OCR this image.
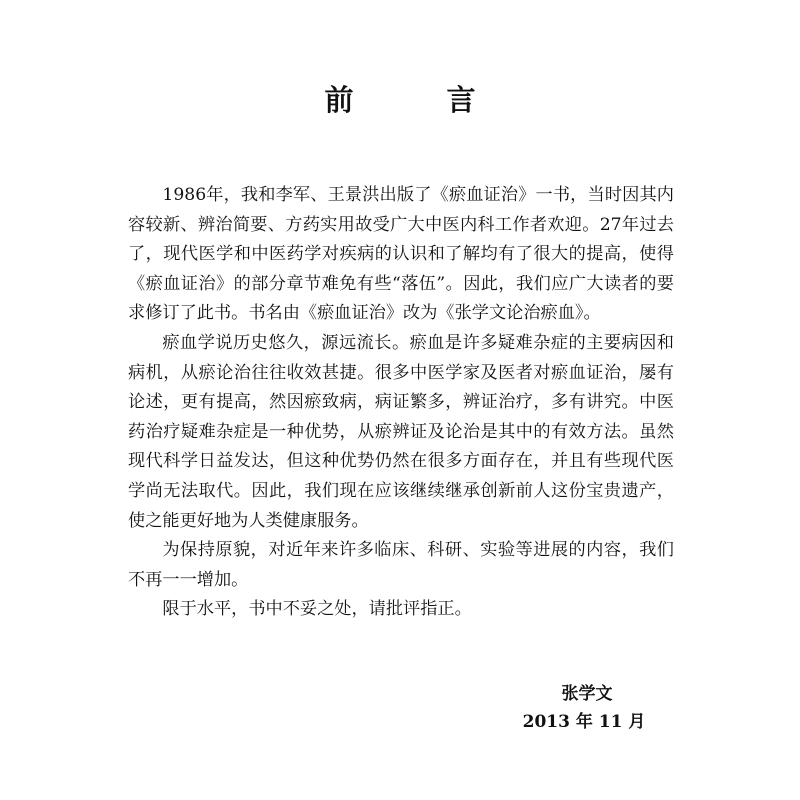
前　言

1986年，我和李军、王景洪出版了《瘀血证治》一书，当时因其内容较新、辨治简要、方药实用故受广大中医内科工作者欢迎。27年过去了，现代医学和中医药学对疾病的认识和了解均有了很大的提高，使得《瘀血证治》的部分章节难免有些“落伍”。因此，我们应广大读者的要求修订了此书。书名由《瘀血证治》改为《张学文论治瘀血》。

瘀血学说历史悠久，源远流长。瘀血是许多疑难杂症的主要病因和病机，从瘀论治往往收效甚捷。很多中医学家及医者对瘀血证治，屡有论述，更有提高，然因瘀致病，病证繁多，辨证治疗，多有讲究。中医药治疗疑难杂症是一种优势，从瘀辨证及论治是其中的有效方法。虽然现代科学日益发达，但这种优势仍然在很多方面存在，并且有些现代医学尚无法取代。因此，我们现在应该继续继承创新前人这份宝贵遗产，使之能更好地为人类健康服务。

为保持原貌，对近年来许多临床、科研、实验等进展的内容，我们不再一一增加。

限于水平，书中不妥之处，请批评指正。

张学文
2013 年 11 月
